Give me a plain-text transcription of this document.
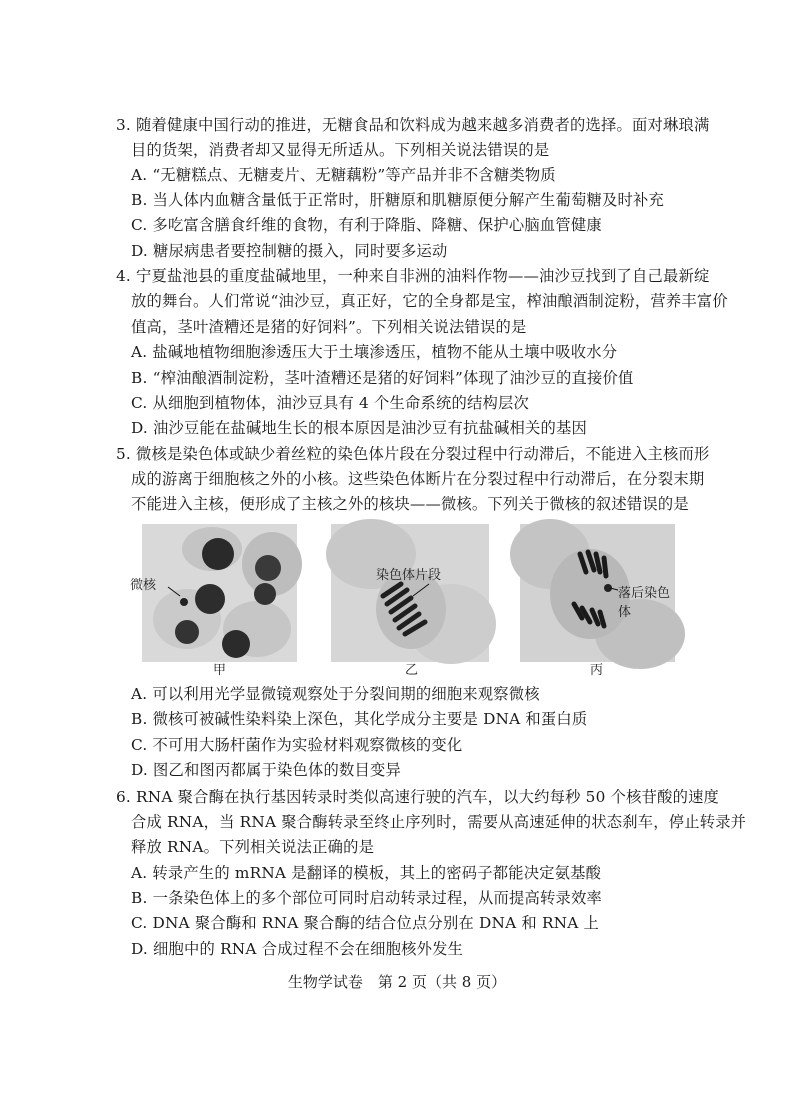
3. 随着健康中国行动的推进，无糖食品和饮料成为越来越多消费者的选择。面对琳琅满
目的货架，消费者却又显得无所适从。下列相关说法错误的是
A. “无糖糕点、无糖麦片、无糖藕粉”等产品并非不含糖类物质
B. 当人体内血糖含量低于正常时，肝糖原和肌糖原便分解产生葡萄糖及时补充
C. 多吃富含膳食纤维的食物，有利于降脂、降糖、保护心脑血管健康
D. 糖尿病患者要控制糖的摄入，同时要多运动
4. 宁夏盐池县的重度盐碱地里，一种来自非洲的油料作物——油沙豆找到了自己最新绽
放的舞台。人们常说“油沙豆，真正好，它的全身都是宝，榨油酿酒制淀粉，营养丰富价
值高，茎叶渣糟还是猪的好饲料”。下列相关说法错误的是
A. 盐碱地植物细胞渗透压大于土壤渗透压，植物不能从土壤中吸收水分
B. “榨油酿酒制淀粉，茎叶渣糟还是猪的好饲料”体现了油沙豆的直接价值
C. 从细胞到植物体，油沙豆具有 4 个生命系统的结构层次
D. 油沙豆能在盐碱地生长的根本原因是油沙豆有抗盐碱相关的基因
5. 微核是染色体或缺少着丝粒的染色体片段在分裂过程中行动滞后，不能进入主核而形
成的游离于细胞核之外的小核。这些染色体断片在分裂过程中行动滞后，在分裂末期
不能进入主核，便形成了主核之外的核块——微核。下列关于微核的叙述错误的是
微核
甲
染色体片段
乙
落后染色体
丙
A. 可以利用光学显微镜观察处于分裂间期的细胞来观察微核
B. 微核可被碱性染料染上深色，其化学成分主要是 DNA 和蛋白质
C. 不可用大肠杆菌作为实验材料观察微核的变化
D. 图乙和图丙都属于染色体的数目变异
6. RNA 聚合酶在执行基因转录时类似高速行驶的汽车，以大约每秒 50 个核苷酸的速度
合成 RNA，当 RNA 聚合酶转录至终止序列时，需要从高速延伸的状态刹车，停止转录并
释放 RNA。下列相关说法正确的是
A. 转录产生的 mRNA 是翻译的模板，其上的密码子都能决定氨基酸
B. 一条染色体上的多个部位可同时启动转录过程，从而提高转录效率
C. DNA 聚合酶和 RNA 聚合酶的结合位点分别在 DNA 和 RNA 上
D. 细胞中的 RNA 合成过程不会在细胞核外发生
生物学试卷　第 2 页（共 8 页）
